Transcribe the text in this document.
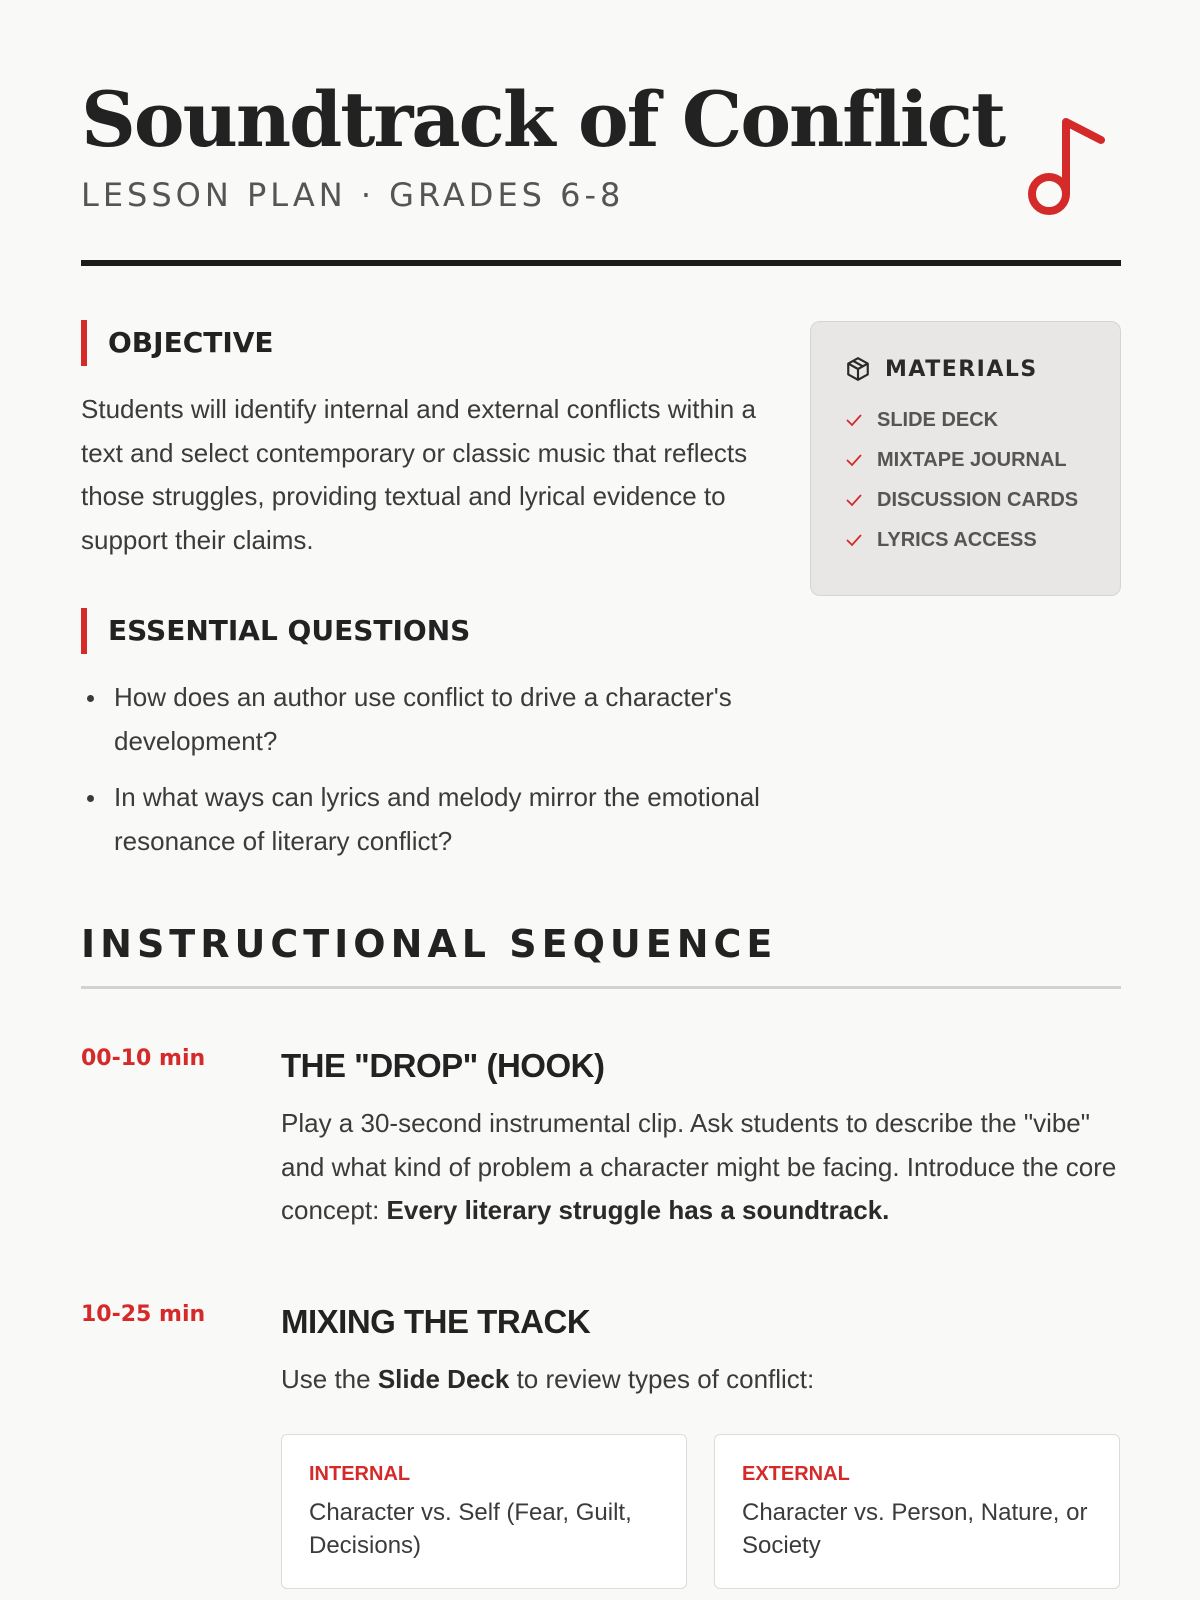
Soundtrack of Conflict
LESSON PLAN · GRADES 6-8
OBJECTIVE

Students will identify internal and external conflicts within a text and select contemporary or classic music that reflects those struggles, providing textual and lyrical evidence to support their claims.

ESSENTIAL QUESTIONS
How does an author use conflict to drive a character's development?
In what ways can lyrics and melody mirror the emotional resonance of literary conflict?
MATERIALS
SLIDE DECK
MIXTAPE JOURNAL
DISCUSSION CARDS
LYRICS ACCESS
INSTRUCTIONAL SEQUENCE
00-10 min THE "DROP" (HOOK)

Play a 30-second instrumental clip. Ask students to describe the "vibe" and what kind of problem a character might be facing. Introduce the core concept: Every literary struggle has a soundtrack.

10-25 min MIXING THE TRACK

Use the Slide Deck to review types of conflict:

INTERNAL
Character vs. Self (Fear, Guilt, Decisions)
EXTERNAL
Character vs. Person, Nature, or Society
